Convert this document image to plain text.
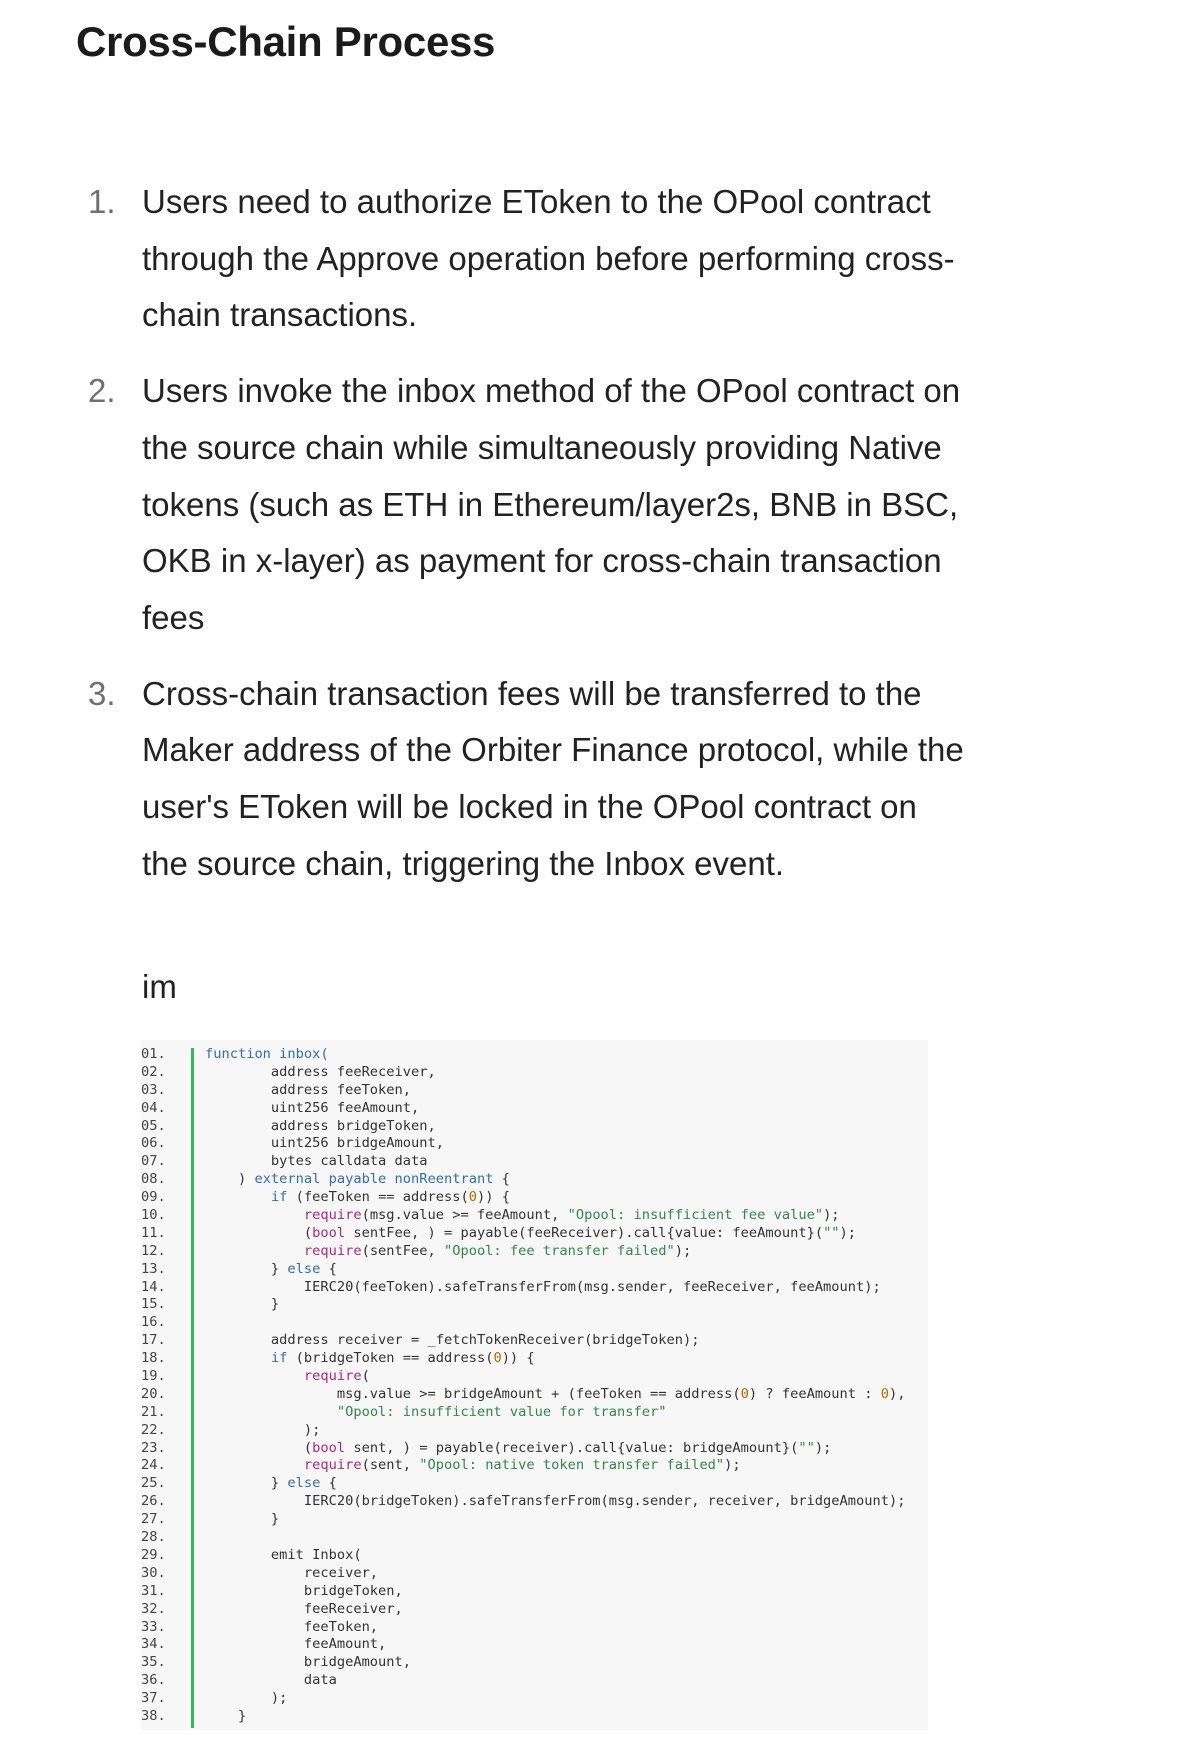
Cross-Chain Process
1. Users need to authorize EToken to the OPool contract through the Approve operation before performing cross-chain transactions.
2. Users invoke the inbox method of the OPool contract on the source chain while simultaneously providing Native tokens (such as ETH in Ethereum/layer2s, BNB in BSC, OKB in x-layer) as payment for cross-chain transaction fees
3. Cross-chain transaction fees will be transferred to the Maker address of the Orbiter Finance protocol, while the user's EToken will be locked in the OPool contract on the source chain, triggering the Inbox event.
im
01.
02.
03.
04.
05.
06.
07.
08.
09.
10.
11.
12.
13.
14.
15.
16.
17.
18.
19.
20.
21.
22.
23.
24.
25.
26.
27.
28.
29.
30.
31.
32.
33.
34.
35.
36.
37.
38.
function inbox(
address feeReceiver,
address feeToken,
uint256 feeAmount,
address bridgeToken,
uint256 bridgeAmount,
bytes calldata data
) external payable nonReentrant {
if (feeToken == address(0)) {
require(msg.value >= feeAmount, "Opool: insufficient fee value");
(bool sentFee, ) = payable(feeReceiver).call{value: feeAmount}("");
require(sentFee, "Opool: fee transfer failed");
} else {
IERC20(feeToken).safeTransferFrom(msg.sender, feeReceiver, feeAmount);
}
address receiver = _fetchTokenReceiver(bridgeToken);
if (bridgeToken == address(0)) {
require(
msg.value >= bridgeAmount + (feeToken == address(0) ? feeAmount : 0),
"Opool: insufficient value for transfer"
);
(bool sent, ) = payable(receiver).call{value: bridgeAmount}("");
require(sent, "Opool: native token transfer failed");
} else {
IERC20(bridgeToken).safeTransferFrom(msg.sender, receiver, bridgeAmount);
}
emit Inbox(
receiver,
bridgeToken,
feeReceiver,
feeToken,
feeAmount,
bridgeAmount,
data
);
}
